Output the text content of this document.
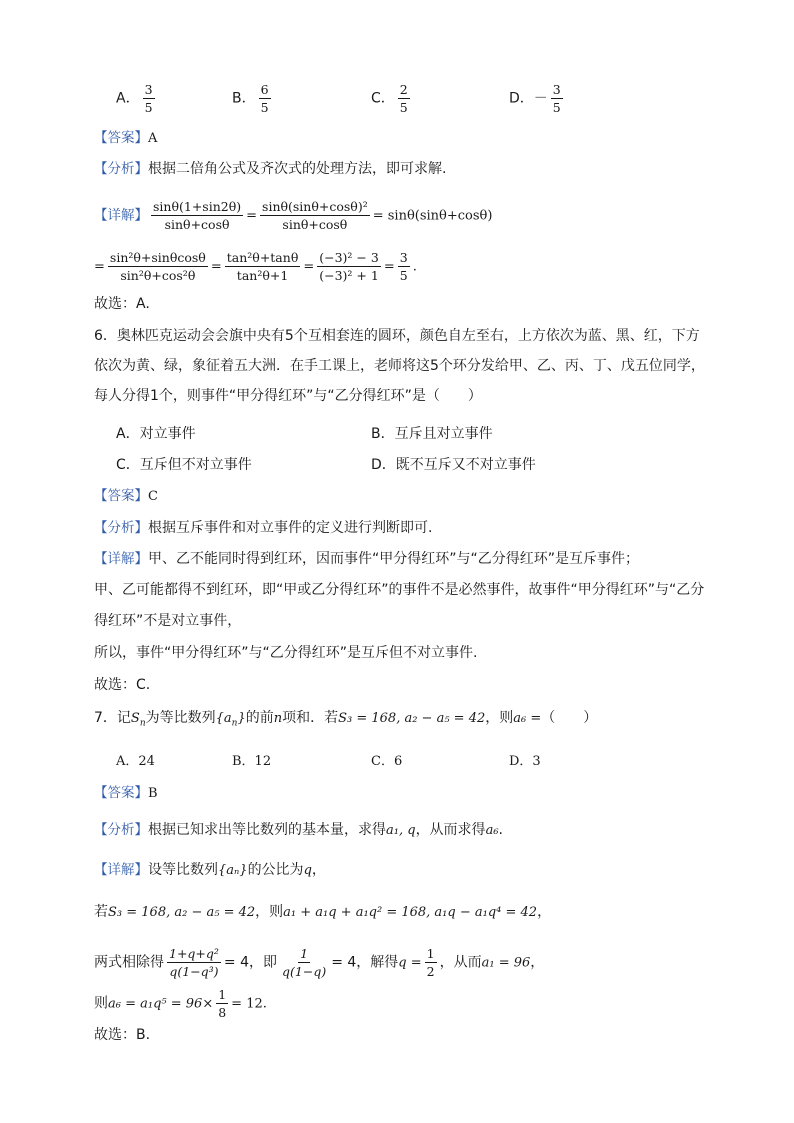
A． $\frac{3}{5}$	B． $\frac{6}{5}$	C． $\frac{2}{5}$	D．－ $\frac{3}{5}$
【答案】A
【分析】根据二倍角公式及齐次式的处理方法，即可求解.
【详解】 $\frac{\sin\theta(1+\sin 2\theta)}{\sin\theta+\cos\theta} = \frac{\text{sinθ(sinθ+cosθ)²}}{\sin\theta+\cos\theta} = \sin\theta(\sin\theta+\cos\theta)$
= $\frac{\text{sin²θ+sinθcosθ}}{\text{sin²θ+cos²θ}} = \frac{\text{tan²θ+tanθ}}{\text{tan²θ+1}} = \frac{\text{(−3)² − 3}}{\text{(−3)² + 1}} = \frac{3}{5}$ .
故选：A.
6．奥林匹克运动会会旗中央有5个互相套连的圆环，颜色自左至右，上方依次为蓝、黑、红，下方
依次为黄、绿，象征着五大洲．在手工课上，老师将这5个环分发给甲、乙、丙、丁、戊五位同学，
每人分得1个，则事件“甲分得红环”与“乙分得红环”是（　　）
A．对立事件	B．互斥且对立事件
C．互斥但不对立事件	D．既不互斥又不对立事件
【答案】C
【分析】根据互斥事件和对立事件的定义进行判断即可.
【详解】甲、乙不能同时得到红环，因而事件“甲分得红环”与“乙分得红环”是互斥事件；
甲、乙可能都得不到红环，即“甲或乙分得红环”的事件不是必然事件，故事件“甲分得红环”与“乙分
得红环”不是对立事件，
所以，事件“甲分得红环”与“乙分得红环”是互斥但不对立事件.
故选：C.
7．记$S_n$为等比数列$\{a_n\}$的前n项和．若S₃ = 168, a₂ − a₅ = 42，则a₆ =（　　）
A．24	B．12	C．6	D．3
【答案】B
【分析】根据已知求出等比数列的基本量，求得a₁, q，从而求得a₆.
【详解】设等比数列{aₙ}的公比为q，
若S₃ = 168, a₂ − a₅ = 42，则a₁ + a₁q + a₁q² = 168, a₁q − a₁q⁴ = 42，
两式相除得 $\frac{\text{1+q+q²}}{\text{q(1−q³)}} = 4$，即 $\frac{1}{q(1-q)} = 4$，解得$q = \frac{1}{2}$ ，从而a₁ = 96，
则$a_6 = a_1q^5 = 96\times \frac{1}{8} = 12$.
故选：B.
